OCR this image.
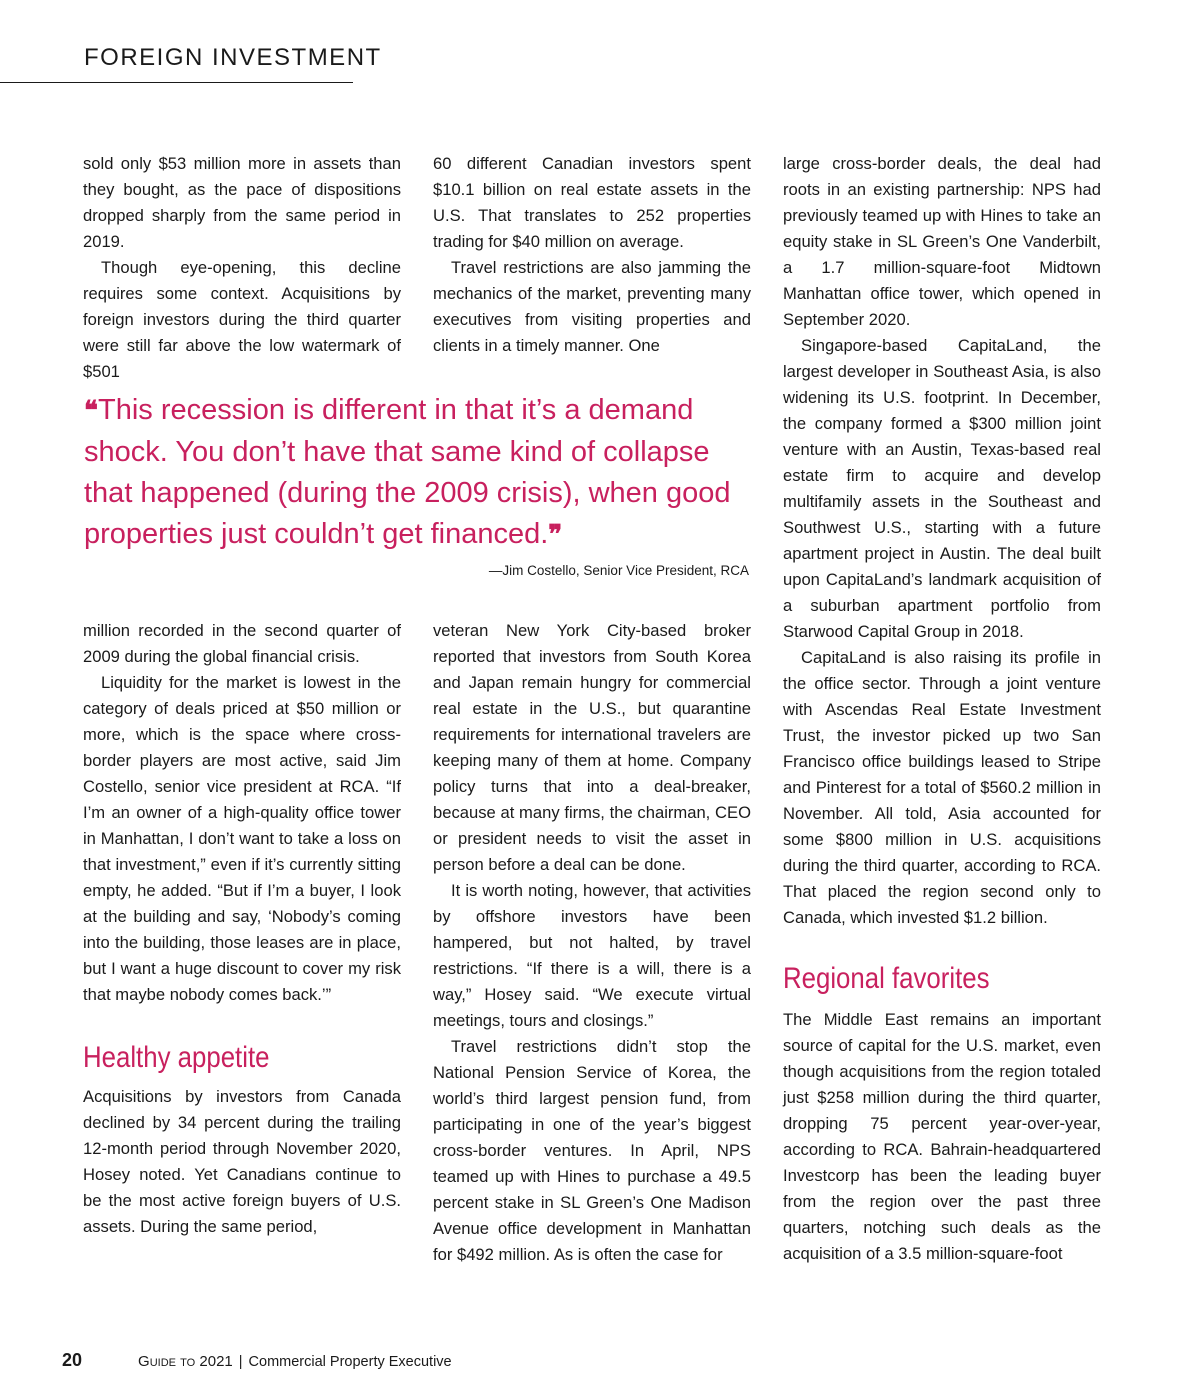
FOREIGN INVESTMENT

sold only $53 million more in assets than they bought, as the pace of dispositions dropped sharply from the same period in 2019.

Though eye-opening, this decline requires some context. Acquisitions by foreign investors during the third quarter were still far above the low watermark of $501

60 different Canadian investors spent $10.1 billion on real estate assets in the U.S. That translates to 252 properties trading for $40 million on average.

Travel restrictions are also jamming the mechanics of the market, preventing many executives from visiting properties and clients in a timely manner. One

❝This recession is different in that it’s a demand shock. You don’t have that same kind of collapse that happened (during the 2009 crisis), when good properties just couldn’t get financed.❞
—Jim Costello, Senior Vice President, RCA

million recorded in the second quarter of 2009 during the global financial crisis.

Liquidity for the market is lowest in the category of deals priced at $50 million or more, which is the space where cross-border players are most active, said Jim Costello, senior vice president at RCA. “If I’m an owner of a high-quality office tower in Manhattan, I don’t want to take a loss on that investment,” even if it’s currently sitting empty, he added. “But if I’m a buyer, I look at the building and say, ‘Nobody’s coming into the building, those leases are in place, but I want a huge discount to cover my risk that maybe nobody comes back.’”

Healthy appetite

Acquisitions by investors from Canada declined by 34 percent during the trailing 12-month period through November 2020, Hosey noted. Yet Canadians continue to be the most active foreign buyers of U.S. assets. During the same period,

veteran New York City-based broker reported that investors from South Korea and Japan remain hungry for commercial real estate in the U.S., but quarantine requirements for international travelers are keeping many of them at home. Company policy turns that into a deal-breaker, because at many firms, the chairman, CEO or president needs to visit the asset in person before a deal can be done.

It is worth noting, however, that activities by offshore investors have been hampered, but not halted, by travel restrictions. “If there is a will, there is a way,” Hosey said. “We execute virtual meetings, tours and closings.”

Travel restrictions didn’t stop the National Pension Service of Korea, the world’s third largest pension fund, from participating in one of the year’s biggest cross-border ventures. In April, NPS teamed up with Hines to purchase a 49.5 percent stake in SL Green’s One Madison Avenue office development in Manhattan for $492 million. As is often the case for

large cross-border deals, the deal had roots in an existing partnership: NPS had previously teamed up with Hines to take an equity stake in SL Green’s One Vanderbilt, a 1.7 million-square-foot Midtown Manhattan office tower, which opened in September 2020.

Singapore-based CapitaLand, the largest developer in Southeast Asia, is also widening its U.S. footprint. In December, the company formed a $300 million joint venture with an Austin, Texas-based real estate firm to acquire and develop multifamily assets in the Southeast and Southwest U.S., starting with a future apartment project in Austin. The deal built upon CapitaLand’s landmark acquisition of a suburban apartment portfolio from Starwood Capital Group in 2018.

CapitaLand is also raising its profile in the office sector. Through a joint venture with Ascendas Real Estate Investment Trust, the investor picked up two San Francisco office buildings leased to Stripe and Pinterest for a total of $560.2 million in November. All told, Asia accounted for some $800 million in U.S. acquisitions during the third quarter, according to RCA. That placed the region second only to Canada, which invested $1.2 billion.

Regional favorites

The Middle East remains an important source of capital for the U.S. market, even though acquisitions from the region totaled just $258 million during the third quarter, dropping 75 percent year-over-year, according to RCA. Bahrain-headquartered Investcorp has been the leading buyer from the region over the past three quarters, notching such deals as the acquisition of a 3.5 million-square-foot

20	Guide to 2021 | Commercial Property Executive
